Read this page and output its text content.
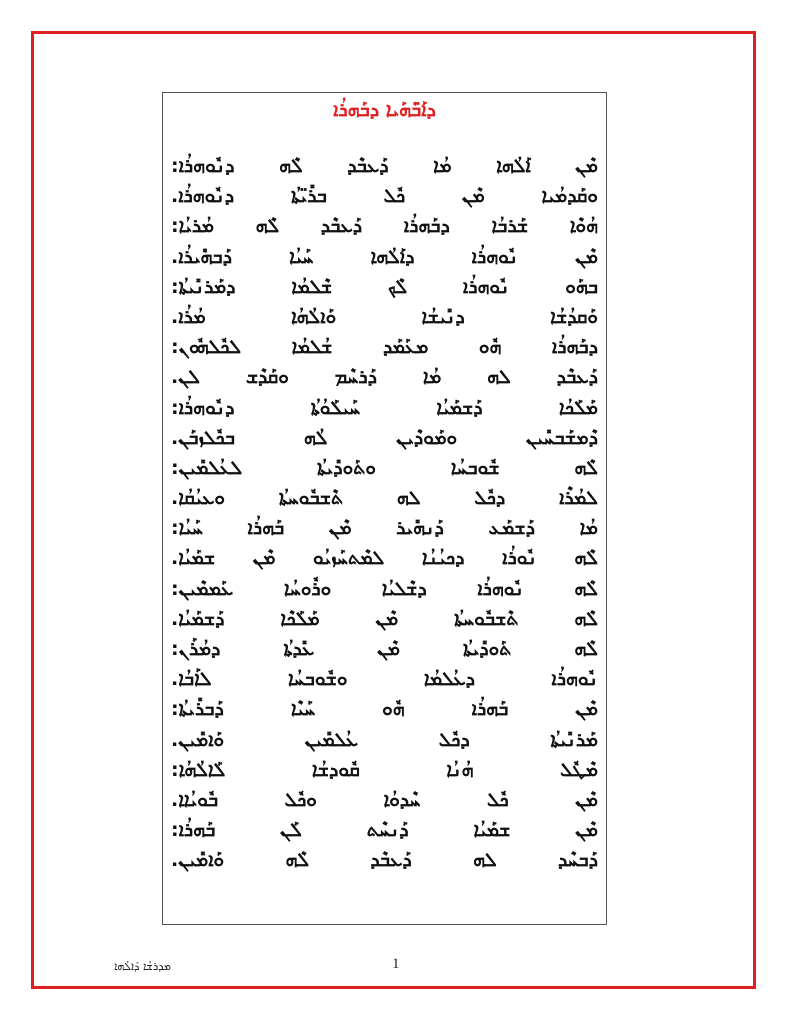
ܕܐܰܒ̈ܰܗܰܝܐ ܕܒܰܗܪܳܐ
ܡܶܢ ܐܰܠܳܗܐ ܡܳܐ ܕܰܥܒܶܕ ܠܶܗ ܕܢܽܘܗܪܳܐ:
ܘܩܰܕܡܳܝܐ ܡܶܢ ܟܽܠ ܒܪܺܝ̈ܬܳܐ ܕܢܽܘܗܪܳܐ.
ܗܳܘܶܐ ܫܰܪܒܳܐ ܕܒܰܗܪܳܐ ܕܰܥܒܶܕ ܠܶܗ ܡܳܪܝܳܐ:
ܡܶܢ ܢܽܘܗܪܳܐ ܕܐܰܠܳܗܐ ܚܰܝܳܐ ܕܰܒܗܺܝܪܳܐ.
ܒܗܰܘ ܢܽܘܗܪܳܐ ܠܶܟ ܫܶܠܡܳܐ ܕܡܰܪܢܺܝܬܳܐ:
ܘܰܩܕܳܫܳܐ ܕܢܺܝܫܳܐ ܘܰܐܠܳܗܳܐ ܡܳܪܳܐ.
ܕܒܰܗܪܳܐ ܗܽܘ ܡܥܰܡܰܕ ܫܳܠܡܳܐ ܠܟܽܠܗܽܘܢ:
ܕܰܥܒܶܕ ܠܗ ܡܳܐ ܕܰܪܚܶܡ ܘܩܰܕܶܫ ܠܢ.
ܡܰܠܰܟܳܐ ܕܰܫܡܰܝܳܐ ܚܰܝܠܰܘܳܬܳܐ ܕܢܽܘܗܪܳܐ:
ܕܶܡܫܰܒܚܺܝܢ ܘܡܰܘܕܶܝܢ ܠܳܗ ܒܟܽܠܙܒܰܢ.
ܠܶܗ ܫܽܘܒܚܳܐ ܘܬܰܘܕܺܝܬܳܐ ܠܥܳܠܡܺܝܢ:
ܠܡܳܪܶܐ ܕܟܽܠ ܠܗ ܬܶܫܒܽܘܚܬܳܐ ܘܥܝܳܩܳܐ.
ܡܳܐ ܕܰܫܡܰܥ ܕܰܢܗܺܝܪ ܡܶܢ ܒܰܗܪܳܐ ܚܰܝܳܐ:
ܠܶܗ ܢܽܘܪܳܐ ܕܟܝܳܢܳܐ ܠܡܶܬܚܰܙܝܳܘ ܡܶܢ ܫܡܰܝܳܐ.
ܠܶܗ ܢܽܘܗܪܳܐ ܕܫܶܠܝܳܐ ܘܪܽܘܚܳܐ ܥܰܡܡܶܝܢ:
ܠܶܗ ܬܶܫܒܽܘܚܬܳܐ ܡܶܢ ܡܰܠܰܟܶܐ ܕܰܫܡܰܝܳܐ.
ܠܶܗ ܬܰܘܕܺܝܬܳܐ ܡܶܢ ܥܺܕܬܳܐ ܕܡܳܪܰܢ:
ܢܽܘܗܪܳܐ ܕܥܳܠܡܳܐ ܘܫܽܘܒܚܳܐ ܠܐܰܒܳܐ.
ܡܶܢ ܒܰܗܪܳܐ ܗܽܘ ܚܰܝܶܐ ܕܰܒܪܺܝܬܳܐ:
ܡܰܪܢܺܝܬܳܐ ܕܟܽܠ ܥܳܠܡܺܝܢ ܘܰܐܡܺܝܢ.
ܡܶܛܽܠ ܗܳܢܳܐ ܩܽܘܕܫܳܐ ܠܰܐܠܳܗܳܐ:
ܡܶܢ ܟܽܠ ܚܶܕܘܳܐ ܘܟܽܠ ܒܽܘܝܳܐܐ.
ܡܶܢ ܫܡܰܝܳܐ ܕܰܢܚܶܬ ܠܰܢ ܒܰܗܪܳܐ:
ܕܰܒܚܶܕ ܠܗ ܕܰܥܒܶܕ ܠܶܗ ܘܰܐܡܺܝܢ.
ܡܕܪܫܳܐ ܕܰܐܠܳܗܐ	1
